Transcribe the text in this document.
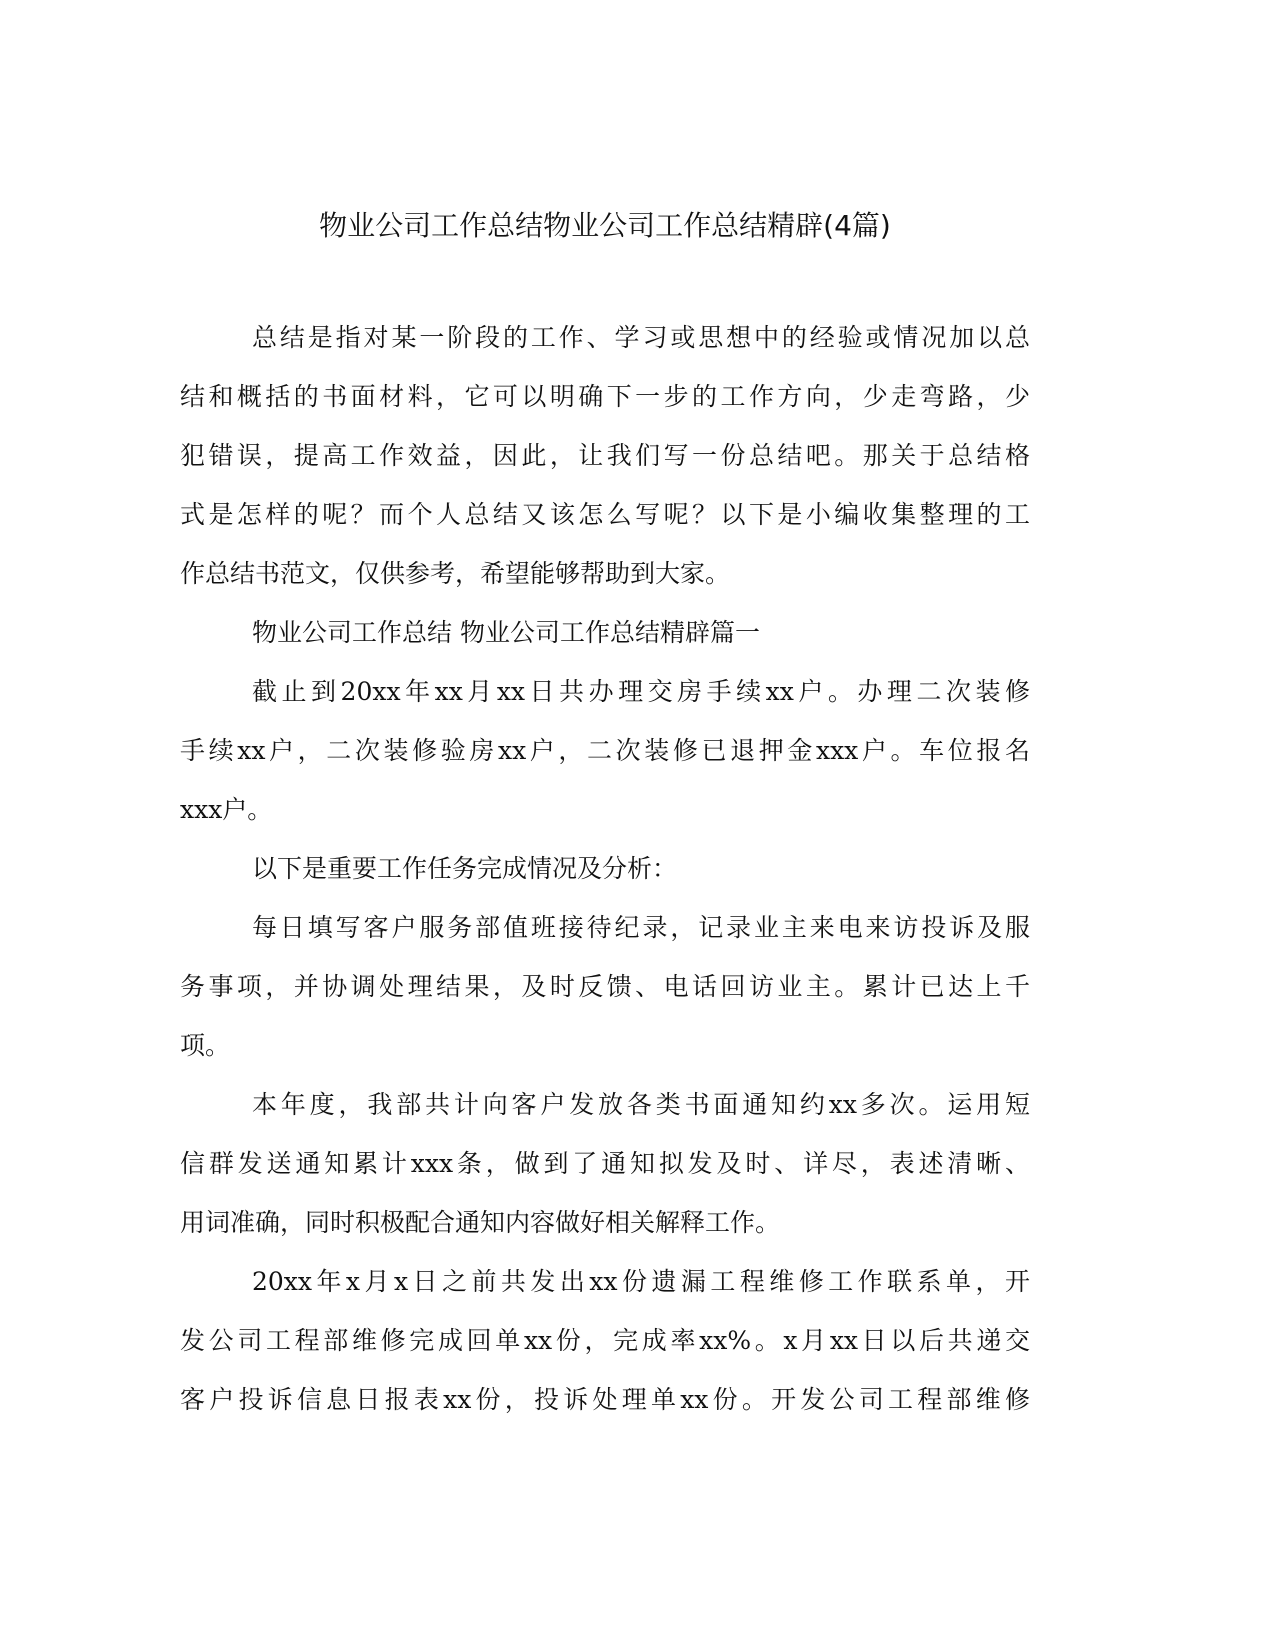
物业公司工作总结物业公司工作总结精辟(4篇)
总结是指对某一阶段的工作、学习或思想中的经验或情况加以总
结和概括的书面材料，它可以明确下一步的工作方向，少走弯路，少
犯错误，提高工作效益，因此，让我们写一份总结吧。那关于总结格
式是怎样的呢？而个人总结又该怎么写呢？以下是小编收集整理的工
作总结书范文，仅供参考，希望能够帮助到大家。
物业公司工作总结 物业公司工作总结精辟篇一
截止到20xx年xx月xx日共办理交房手续xx户。办理二次装修
手续xx户，二次装修验房xx户，二次装修已退押金xxx户。车位报名
xxx户。
以下是重要工作任务完成情况及分析：
每日填写客户服务部值班接待纪录，记录业主来电来访投诉及服
务事项，并协调处理结果，及时反馈、电话回访业主。累计已达上千
项。
本年度，我部共计向客户发放各类书面通知约xx多次。运用短
信群发送通知累计xxx条，做到了通知拟发及时、详尽，表述清晰、
用词准确，同时积极配合通知内容做好相关解释工作。
20xx年x月x日之前共发出xx份遗漏工程维修工作联系单，开
发公司工程部维修完成回单xx份，完成率xx%。x月xx日以后共递交
客户投诉信息日报表xx份，投诉处理单xx份。开发公司工程部维修
